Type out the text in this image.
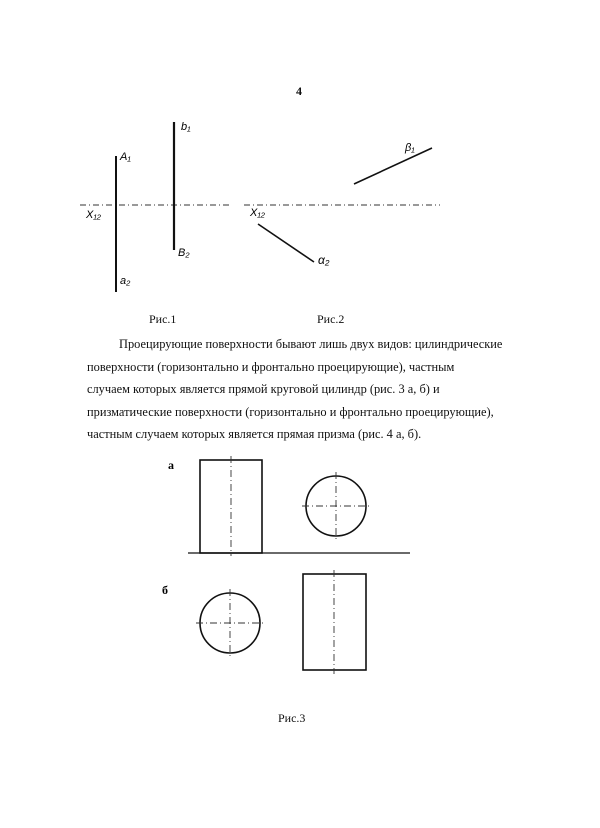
4
b₁
A₁
X₁₂
B₂
a₂
β₁
X₁₂
α₂
Рис.1	Рис.2
Проецирующие поверхности бывают лишь двух видов: цилиндрические
поверхности (горизонтально и фронтально проецирующие), частным
случаем которых является прямой круговой цилиндр (рис. 3 а, б) и
призматические поверхности (горизонтально и фронтально проецирующие),
частным случаем которых является прямая призма (рис. 4 а, б).
а
б
Рис.3
